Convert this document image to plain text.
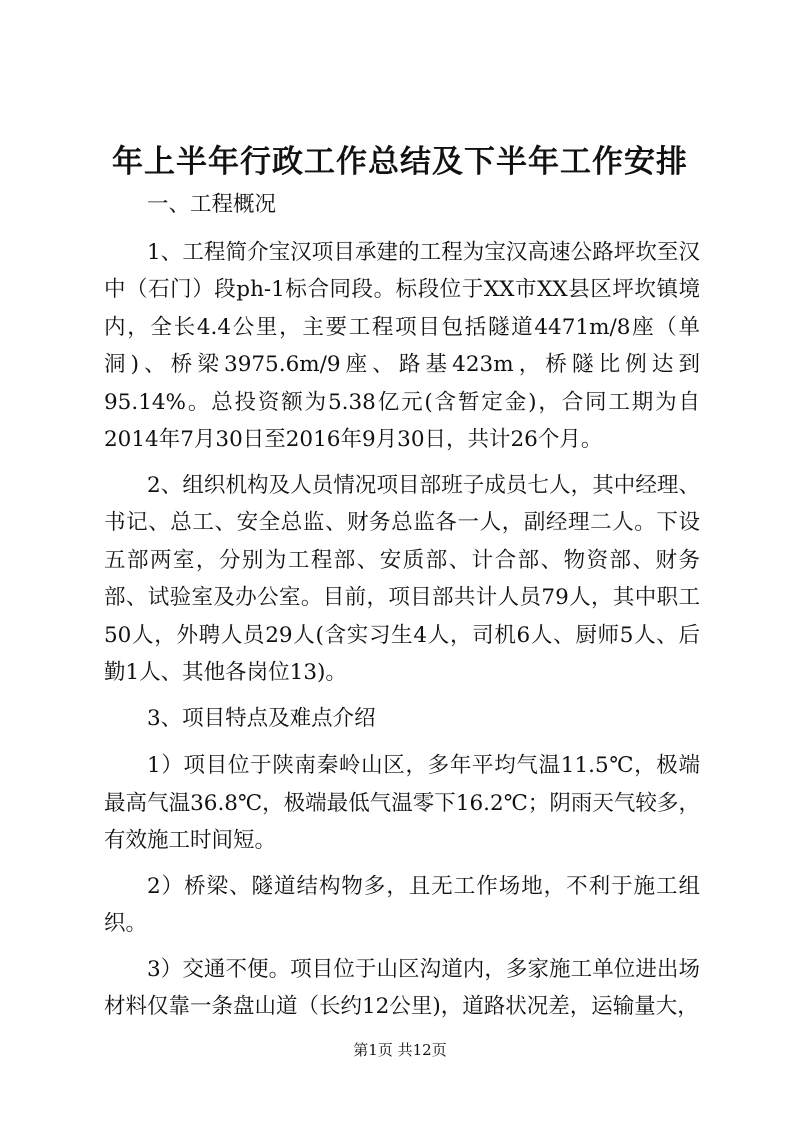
年上半年行政工作总结及下半年工作安排
一、工程概况

1、工程简介宝汉项目承建的工程为宝汉高速公路坪坎至汉中（石门）段ph-1标合同段。标段位于XX市XX县区坪坎镇境内，全长4.4公里，主要工程项目包括隧道4471m/8座（单洞)、桥梁3975.6m/9座、路基423m，桥隧比例达到95.14%。总投资额为5.38亿元(含暂定金)，合同工期为自2014年7月30日至2016年9月30日，共计26个月。

2、组织机构及人员情况项目部班子成员七人，其中经理、书记、总工、安全总监、财务总监各一人，副经理二人。下设五部两室，分别为工程部、安质部、计合部、物资部、财务部、试验室及办公室。目前，项目部共计人员79人，其中职工50人，外聘人员29人(含实习生4人，司机6人、厨师5人、后勤1人、其他各岗位13)。

3、项目特点及难点介绍

1）项目位于陕南秦岭山区，多年平均气温11.5℃，极端最高气温36.8℃，极端最低气温零下16.2℃；阴雨天气较多，有效施工时间短。

2）桥梁、隧道结构物多，且无工作场地，不利于施工组织。

3）交通不便。项目位于山区沟道内，多家施工单位进出场材料仅靠一条盘山道（长约12公里)，道路状况差，运输量大，

第1页 共12页
